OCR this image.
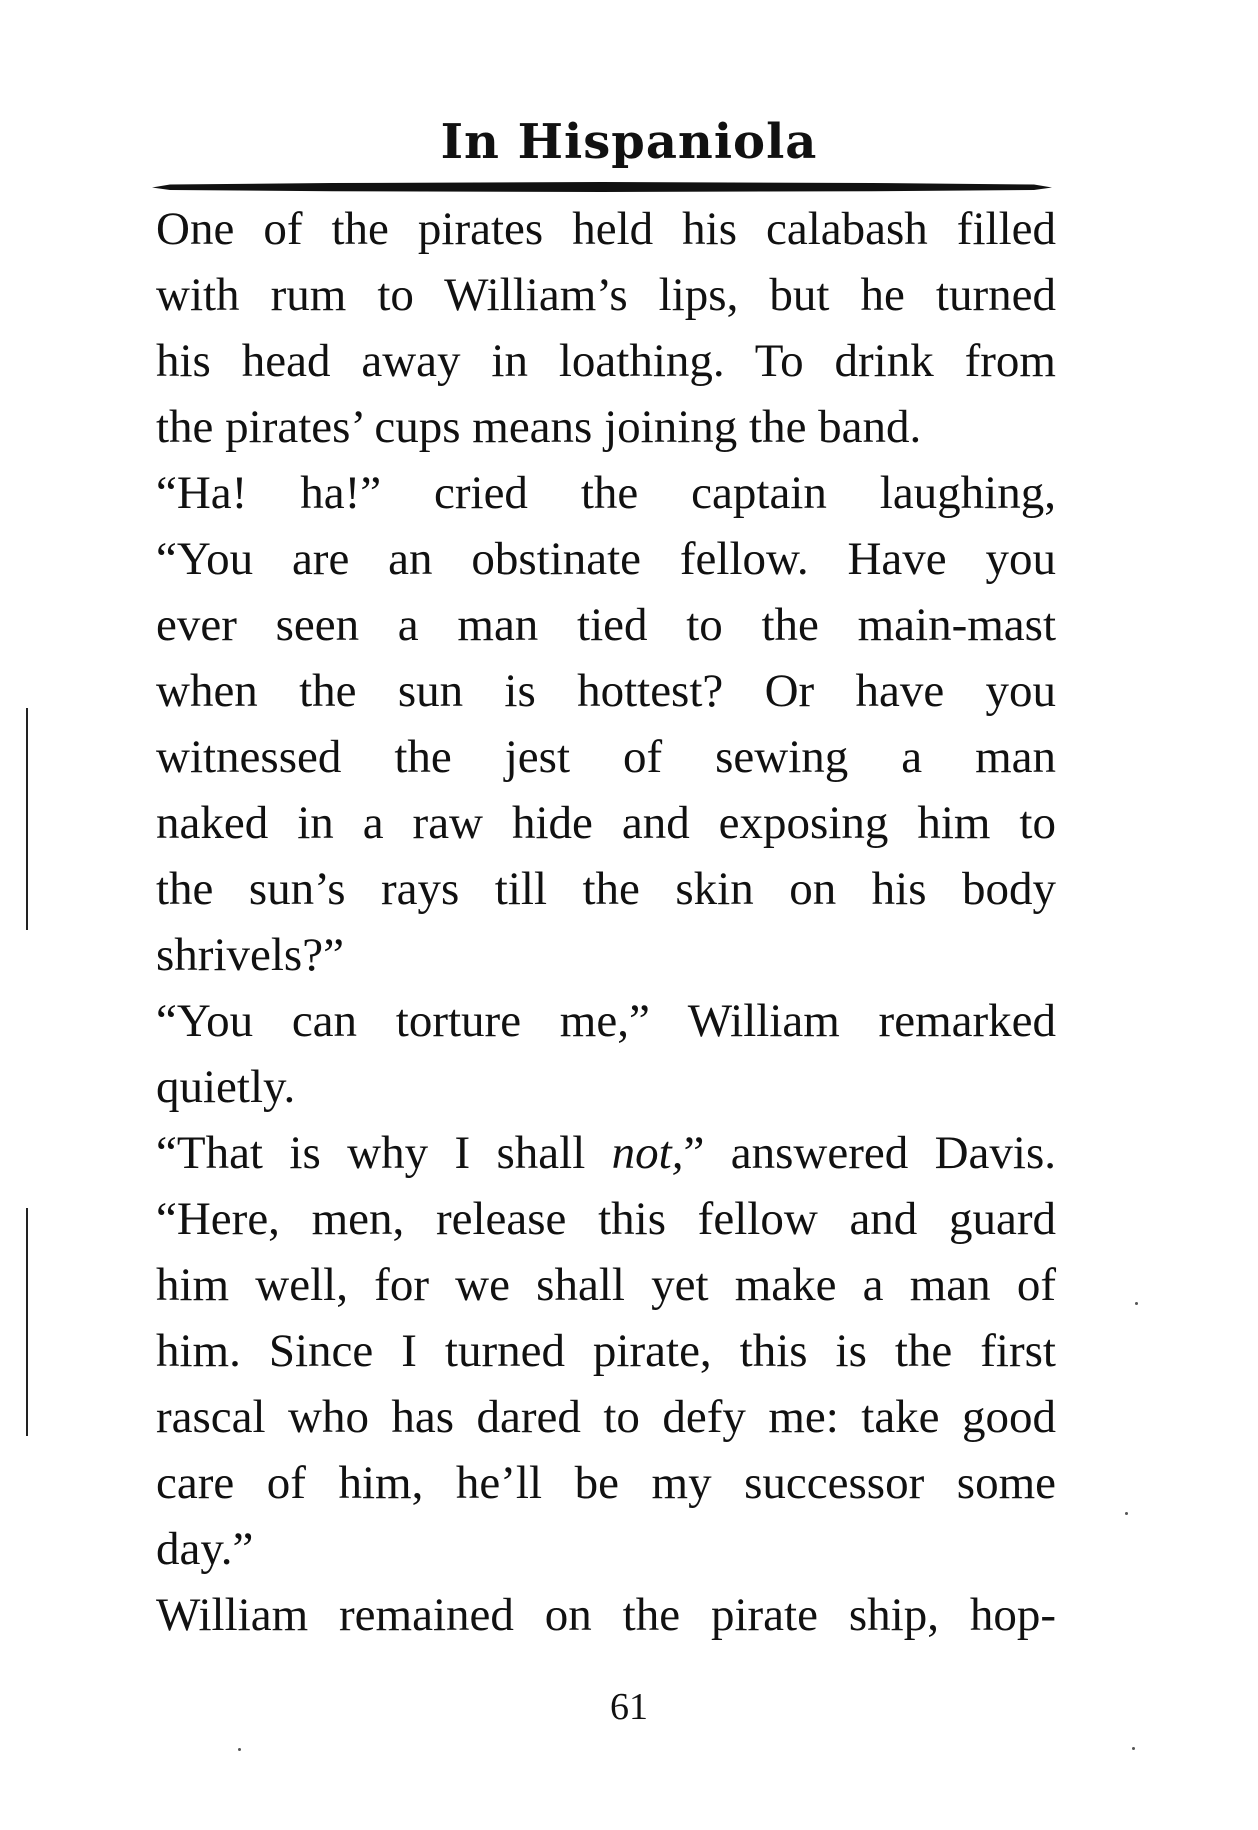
In Hispaniola
One of the pirates held his calabash filled
with rum to William’s lips, but he turned
his head away in loathing. To drink from
the pirates’ cups means joining the band.
“Ha! ha!” cried the captain laughing,
“You are an obstinate fellow. Have you
ever seen a man tied to the main-mast
when the sun is hottest? Or have you
witnessed the jest of sewing a man
naked in a raw hide and exposing him to
the sun’s rays till the skin on his body
shrivels?”
“You can torture me,” William remarked
quietly.
“That is why I shall not,” answered Davis.
“Here, men, release this fellow and guard
him well, for we shall yet make a man of
him. Since I turned pirate, this is the first
rascal who has dared to defy me: take good
care of him, he’ll be my successor some
day.”
William remained on the pirate ship, hop-
61
